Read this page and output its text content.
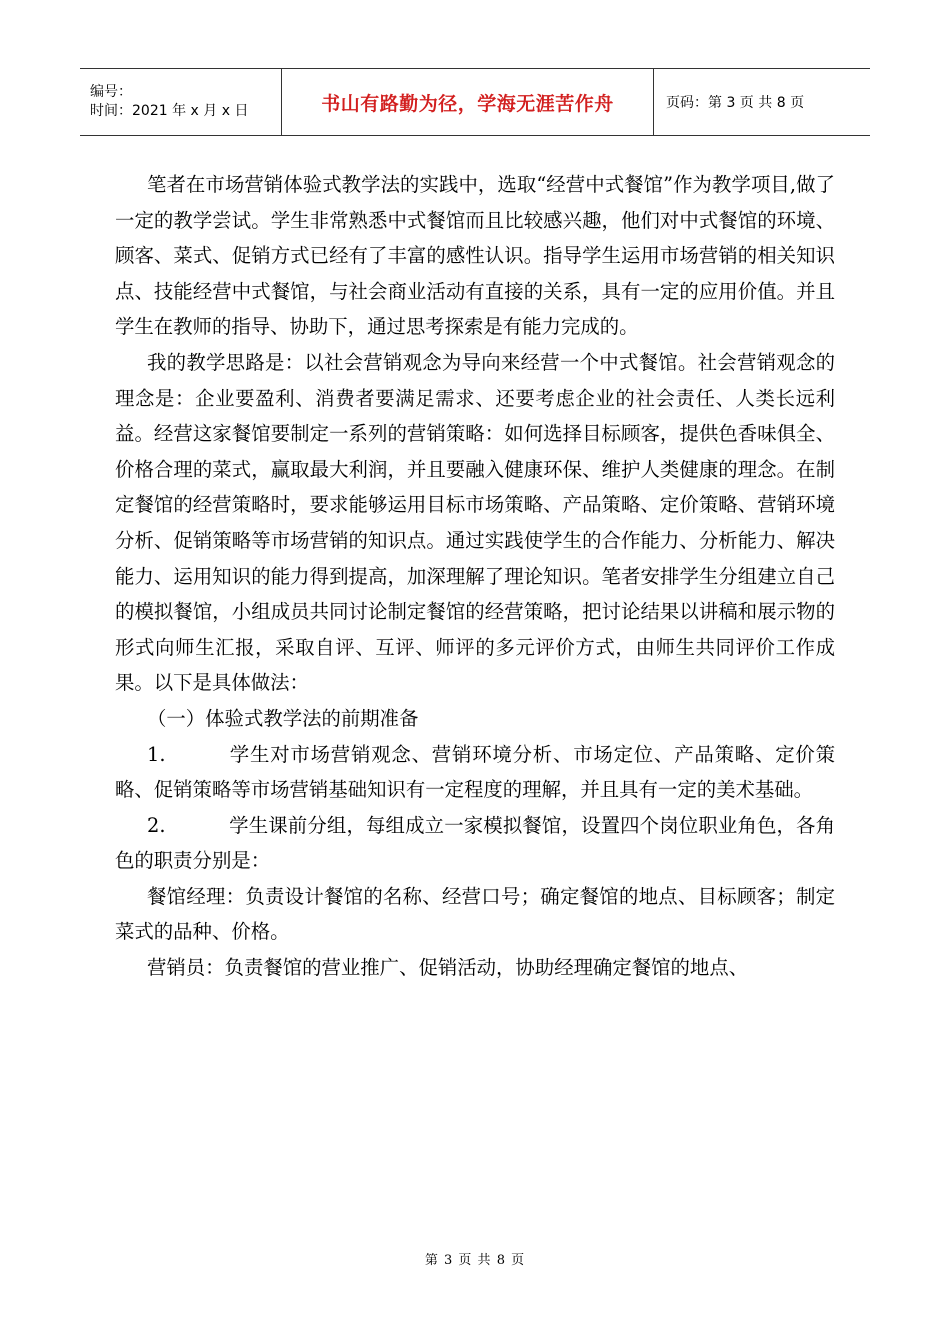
编号：
时间：2021 年 x 月 x 日	书山有路勤为径，学海无涯苦作舟	页码：第 3 页 共 8 页

笔者在市场营销体验式教学法的实践中，选取“经营中式餐馆”作为教学项目,做了一定的教学尝试。学生非常熟悉中式餐馆而且比较感兴趣，他们对中式餐馆的环境、顾客、菜式、促销方式已经有了丰富的感性认识。指导学生运用市场营销的相关知识点、技能经营中式餐馆，与社会商业活动有直接的关系，具有一定的应用价值。并且学生在教师的指导、协助下，通过思考探索是有能力完成的。

我的教学思路是：以社会营销观念为导向来经营一个中式餐馆。社会营销观念的理念是：企业要盈利、消费者要满足需求、还要考虑企业的社会责任、人类长远利益。经营这家餐馆要制定一系列的营销策略：如何选择目标顾客，提供色香味俱全、价格合理的菜式，赢取最大利润，并且要融入健康环保、维护人类健康的理念。在制定餐馆的经营策略时，要求能够运用目标市场策略、产品策略、定价策略、营销环境分析、促销策略等市场营销的知识点。通过实践使学生的合作能力、分析能力、解决能力、运用知识的能力得到提高，加深理解了理论知识。笔者安排学生分组建立自己的模拟餐馆，小组成员共同讨论制定餐馆的经营策略，把讨论结果以讲稿和展示物的形式向师生汇报，采取自评、互评、师评的多元评价方式，由师生共同评价工作成果。以下是具体做法：

（一）体验式教学法的前期准备

1.	学生对市场营销观念、营销环境分析、市场定位、产品策略、定价策略、促销策略等市场营销基础知识有一定程度的理解，并且具有一定的美术基础。

2.	学生课前分组，每组成立一家模拟餐馆，设置四个岗位职业角色，各角色的职责分别是：

餐馆经理：负责设计餐馆的名称、经营口号；确定餐馆的地点、目标顾客；制定菜式的品种、价格。

营销员：负责餐馆的营业推广、促销活动，协助经理确定餐馆的地点、

第 3 页 共 8 页
